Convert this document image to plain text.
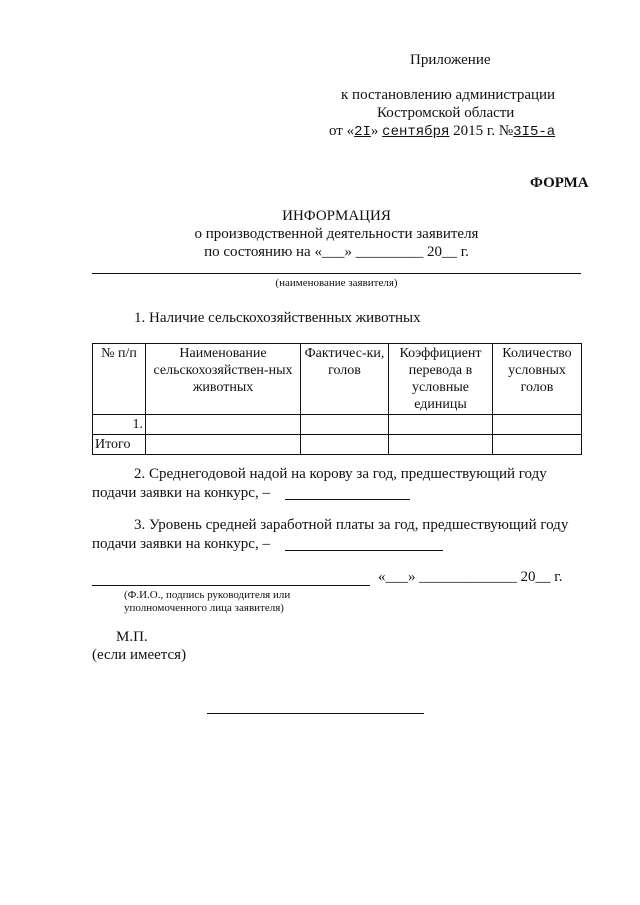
Приложение
к постановлению администрации
Костромской области
от «2I» сентября 2015 г. №3I5-а
ФОРМА
ИНФОРМАЦИЯ
о производственной деятельности заявителя
по состоянию на «___» _________ 20__ г.
(наименование заявителя)
1. Наличие сельскохозяйственных животных
№ п/п	Наименование сельскохозяйствен-ных животных	Фактичес-ки, голов	Коэффициент перевода в условные единицы	Количество условных голов
1.				
Итого				
2. Среднегодовой надой на корову за год, предшествующий году
подачи заявки на конкурс, –
3. Уровень средней заработной платы за год, предшествующий году
подачи заявки на конкурс, –
«___» _____________ 20__ г.
(Ф.И.О., подпись руководителя или
уполномоченного лица заявителя)
М.П.
(если имеется)
